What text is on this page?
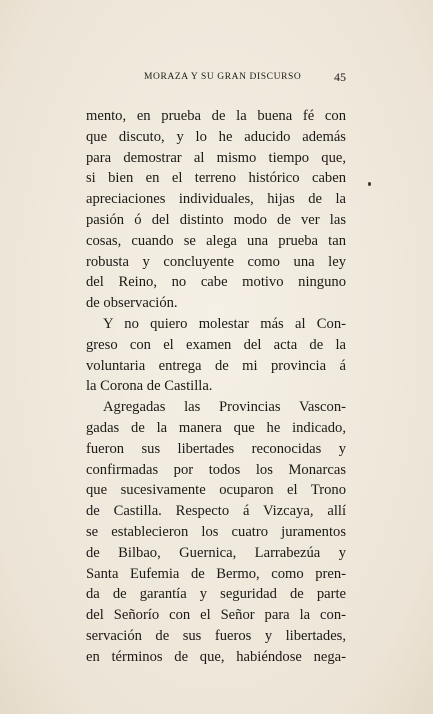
MORAZA Y SU GRAN DISCURSO	45
mento, en prueba de la buena fé con
que discuto, y lo he aducido además
para demostrar al mismo tiempo que,
si bien en el terreno histórico caben
apreciaciones individuales, hijas de la
pasión ó del distinto modo de ver las
cosas, cuando se alega una prueba tan
robusta y concluyente como una ley
del Reino, no cabe motivo ninguno
de observación.
Y no quiero molestar más al Con-
greso con el examen del acta de la
voluntaria entrega de mi provincia á
la Corona de Castilla.
Agregadas las Provincias Vascon-
gadas de la manera que he indicado,
fueron sus libertades reconocidas y
confirmadas por todos los Monarcas
que sucesivamente ocuparon el Trono
de Castilla. Respecto á Vizcaya, allí
se establecieron los cuatro juramentos
de Bilbao, Guernica, Larrabezúa y
Santa Eufemia de Bermo, como pren-
da de garantía y seguridad de parte
del Señorío con el Señor para la con-
servación de sus fueros y libertades,
en términos de que, habiéndose nega-
